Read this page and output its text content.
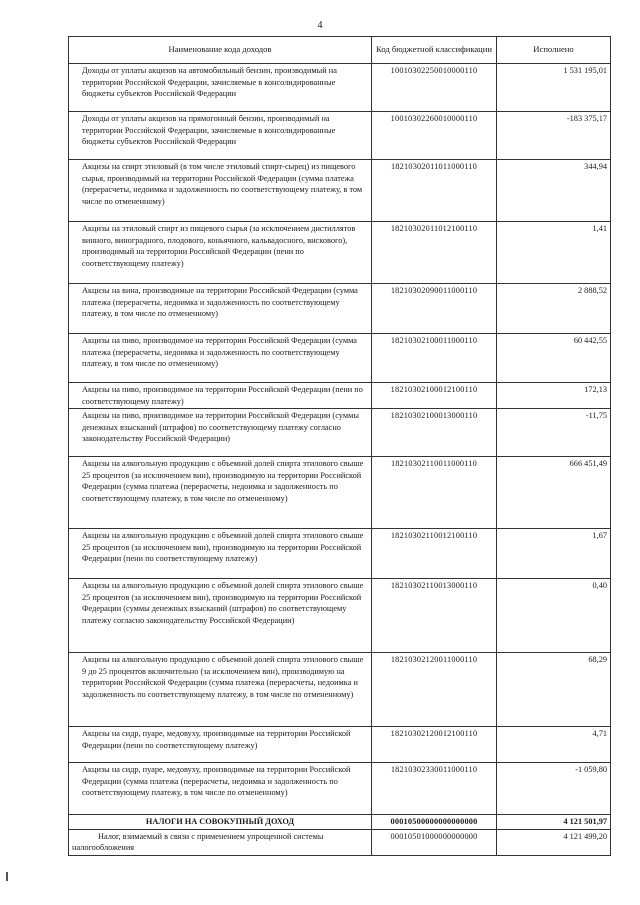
4
Наименование кода доходов	Код бюджетной классификации	Исполнено
Доходы от уплаты акцизов на автомобильный бензин, производимый на территории Российской Федерации, зачисляемые в консолидированные бюджеты субъектов Российской Федерации	10010302250010000110	1 531 195,01
Доходы от уплаты акцизов на прямогонный бензин, производимый на территории Российской Федерации, зачисляемые в консолидированные бюджеты субъектов Российской Федерации	10010302260010000110	-183 375,17
Акцизы на спирт этиловый (в том числе этиловый спирт-сырец) из пищевого сырья, производимый на территории Российской Федерации (сумма платежа (перерасчеты, недоимка и задолженность по соответствующему платежу, в том числе по отмененному)	18210302011011000110	344,94
Акцизы на этиловый спирт из пищевого сырья (за исключением дистиллятов винного, виноградного, плодового, коньячного, кальвадосного, вискового), производимый на территории Российской Федерации (пени по соответствующему платежу)	18210302011012100110	1,41
Акцизы на вина, производимые на территории Российской Федерации (сумма платежа (перерасчеты, недоимка и задолженность по соответствующему платежу, в том числе по отмененному)	18210302090011000110	2 888,52
Акцизы на пиво, производимое на территории Российской Федерации (сумма платежа (перерасчеты, недоимка и задолженность по соответствующему платежу, в том числе по отмененному)	18210302100011000110	60 442,55
Акцизы на пиво, производимое на территории Российской Федерации (пени по соответствующему платежу)	18210302100012100110	172,13
Акцизы на пиво, производимое на территории Российской Федерации (суммы денежных взысканий (штрафов) по соответствующему платежу согласно законодательству Российской Федерации)	18210302100013000110	-11,75
Акцизы на алкогольную продукцию с объемной долей спирта этилового свыше 25 процентов (за исключением вин), производимую на территории Российской Федерации (сумма платежа (перерасчеты, недоимка и задолженность по соответствующему платежу, в том числе по отмененному)	18210302110011000110	666 451,49
Акцизы на алкогольную продукцию с объемной долей спирта этилового свыше 25 процентов (за исключением вин), производимую на территории Российской Федерации (пени по соответствующему платежу)	18210302110012100110	1,67
Акцизы на алкогольную продукцию с объемной долей спирта этилового свыше 25 процентов (за исключением вин), производимую на территории Российской Федерации (суммы денежных взысканий (штрафов) по соответствующему платежу согласно законодательству Российской Федерации)	18210302110013000110	0,40
Акцизы на алкогольную продукцию с объемной долей спирта этилового свыше 9 до 25 процентов включительно (за исключением вин), производимую на территории Российской Федерации (сумма платежа (перерасчеты, недоимка и задолженность по соответствующему платежу, в том числе по отмененному)	18210302120011000110	68,29
Акцизы на сидр, пуаре, медовуху, производимые на территории Российской Федерации (пени по соответствующему платежу)	18210302120012100110	4,71
Акцизы на сидр, пуаре, медовуху, производимые на территории Российской Федерации (сумма платежа (перерасчеты, недоимка и задолженность по соответствующему платежу, в том числе по отмененному)	18210302330011000110	-1 059,80
НАЛОГИ НА СОВОКУПНЫЙ ДОХОД	00010500000000000000	4 121 501,97
Налог, взимаемый в связи с применением упрощенной системы налогообложения	00010501000000000000	4 121 499,20
